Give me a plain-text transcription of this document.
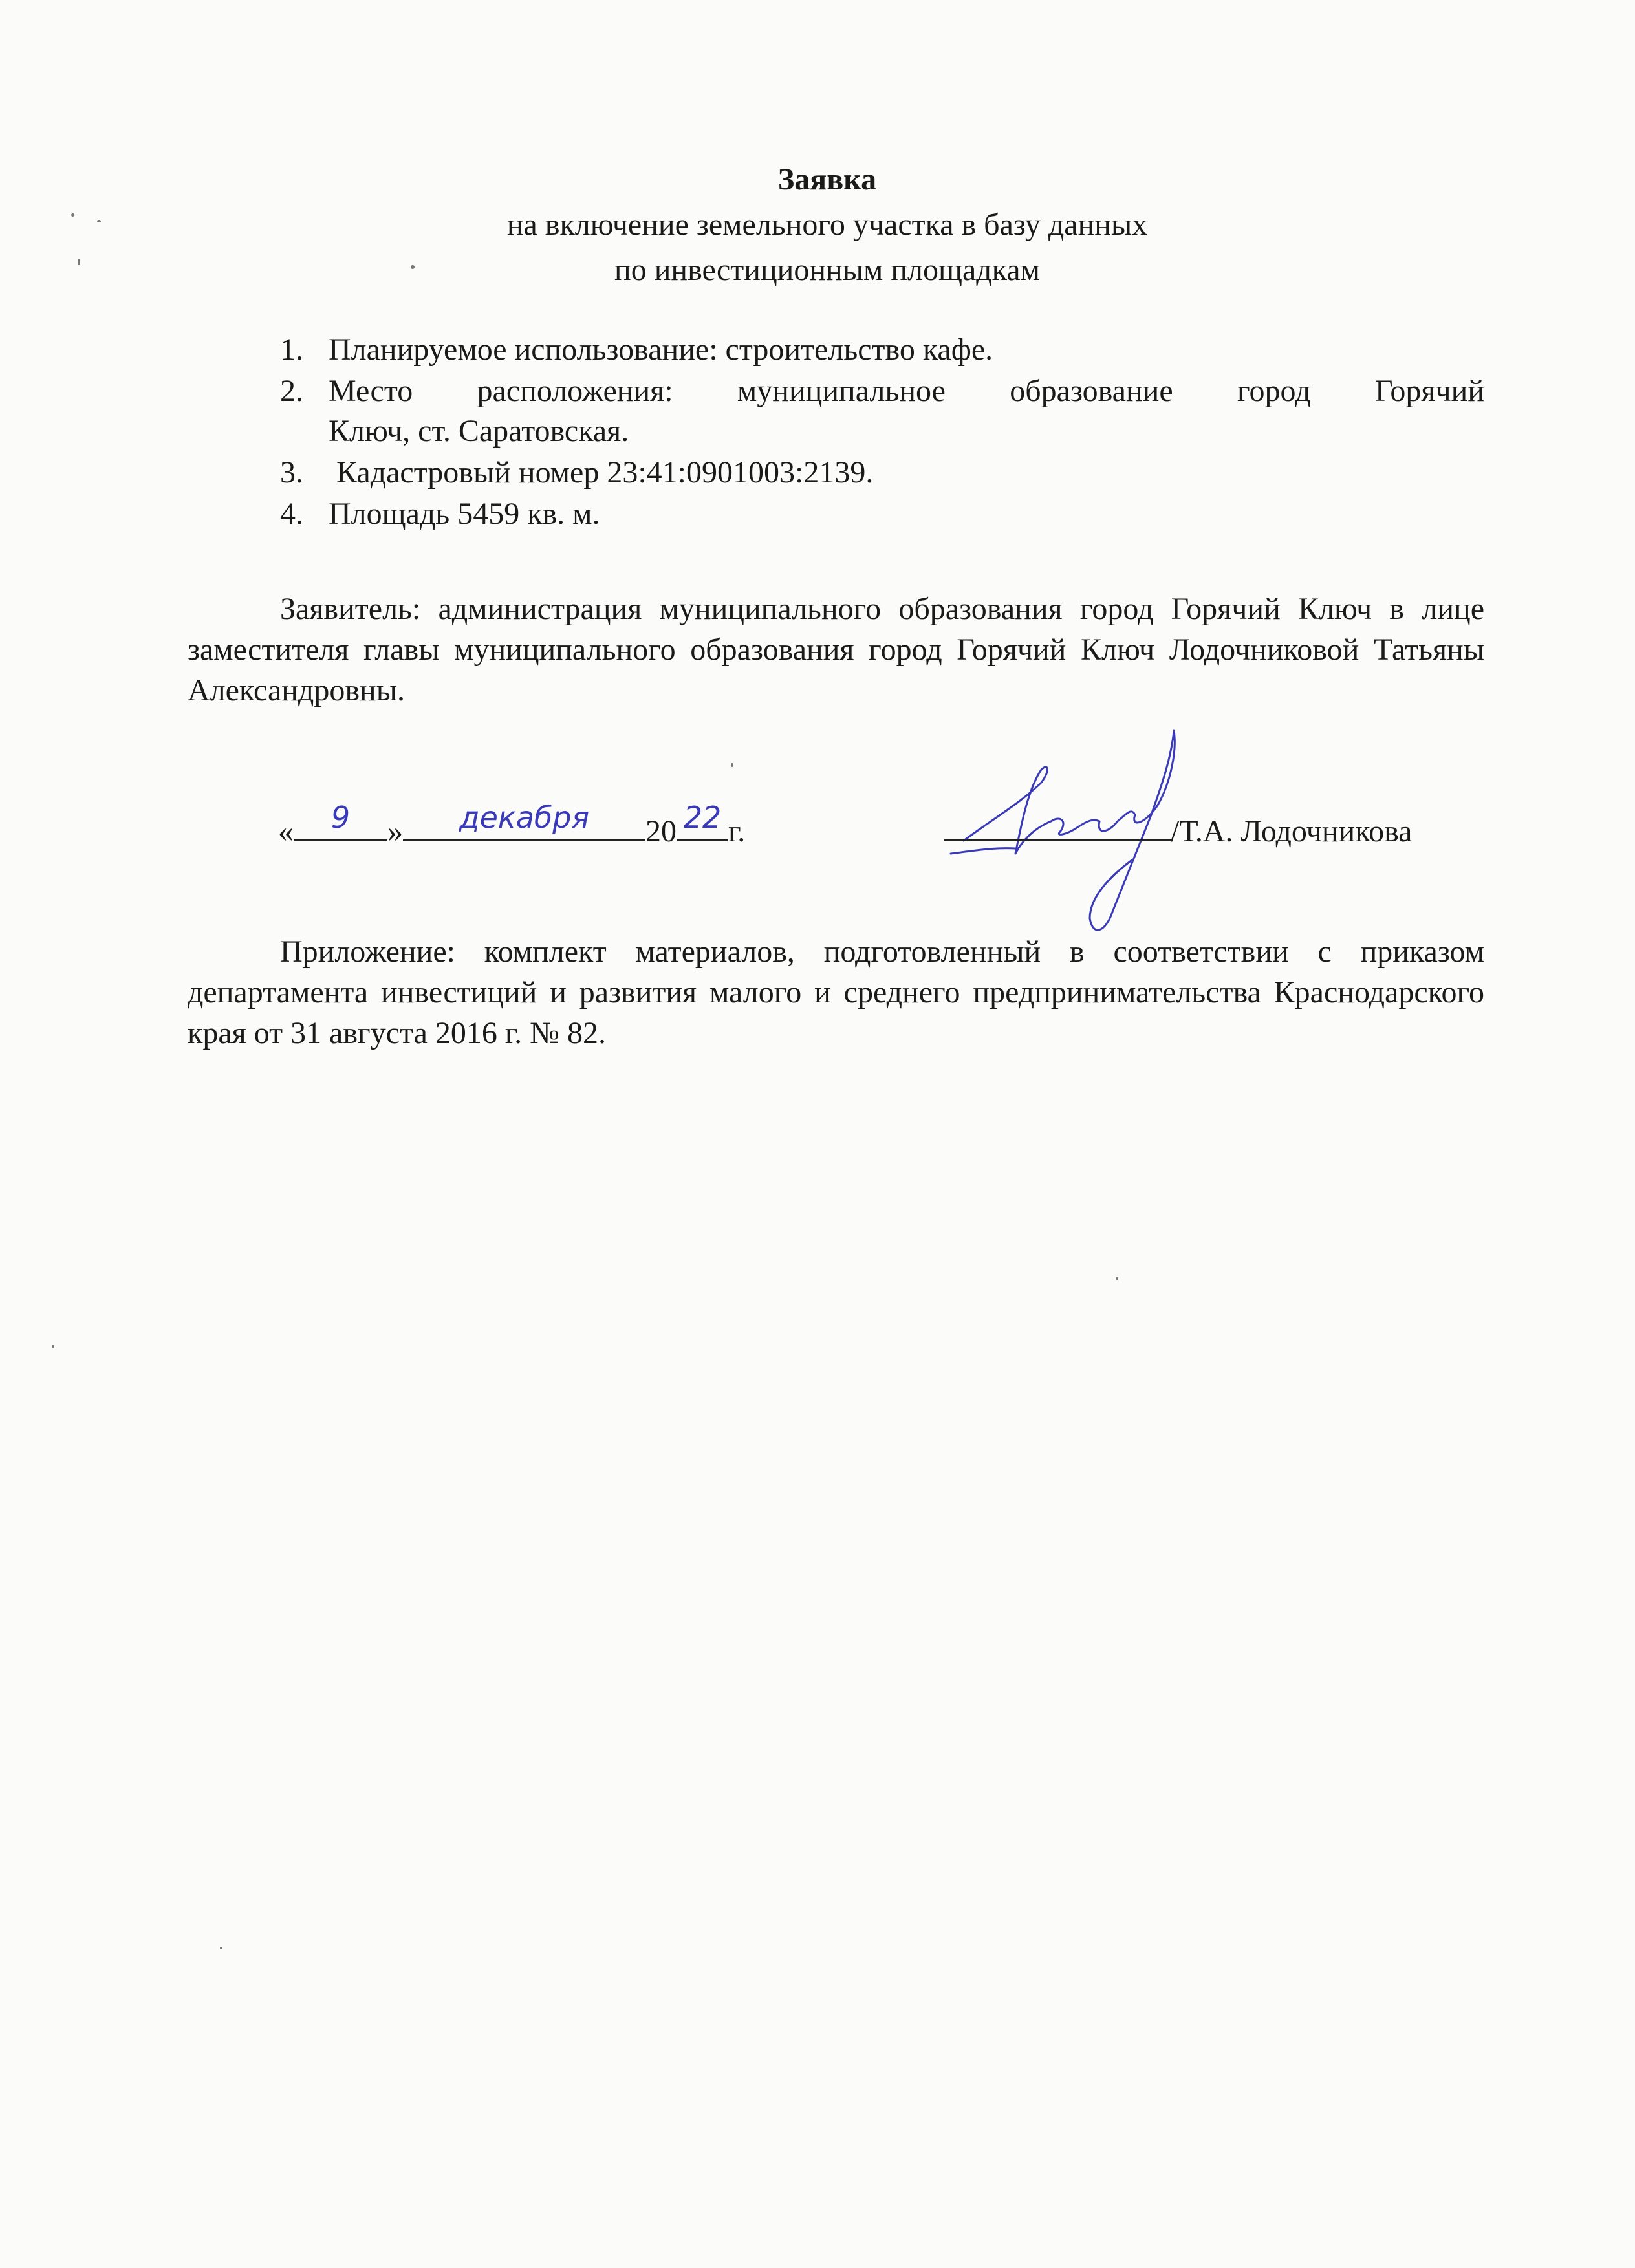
Заявка
на включение земельного участка в базу данных
по инвестиционным площадкам
1. Планируемое использование: строительство кафе.
2. Место расположения: муниципальное образование город Горячий
Ключ, ст. Саратовская.
3. Кадастровый номер 23:41:0901003:2139.
4. Площадь 5459 кв. м.
Заявитель: администрация муниципального образования город Горячий Ключ в лице заместителя главы муниципального образования город Горячий Ключ Лодочниковой Татьяны Александровны.
«	9	»	декабря	20 22 г.	/Т.А. Лодочникова
Приложение: комплект материалов, подготовленный в соответствии с приказом департамента инвестиций и развития малого и среднего предпринимательства Краснодарского края от 31 августа 2016 г. № 82.
